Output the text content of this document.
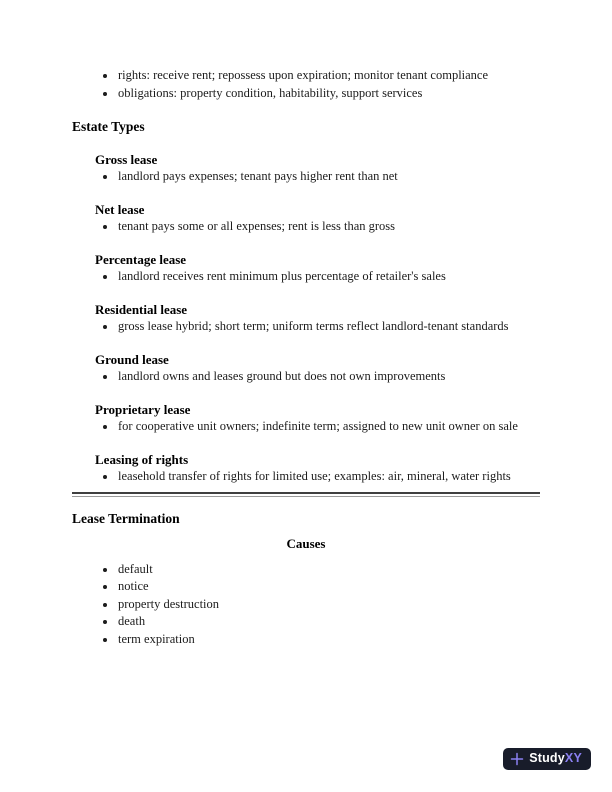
• rights: receive rent; repossess upon expiration; monitor tenant compliance
• obligations: property condition, habitability, support services
Estate Types
Gross lease
• landlord pays expenses; tenant pays higher rent than net
Net lease
• tenant pays some or all expenses; rent is less than gross
Percentage lease
• landlord receives rent minimum plus percentage of retailer's sales
Residential lease
• gross lease hybrid; short term; uniform terms reflect landlord-tenant standards
Ground lease
• landlord owns and leases ground but does not own improvements
Proprietary lease
• for cooperative unit owners; indefinite term; assigned to new unit owner on sale
Leasing of rights
• leasehold transfer of rights for limited use; examples: air, mineral, water rights
Lease Termination
Causes
• default
• notice
• property destruction
• death
• term expiration
StudyXY
